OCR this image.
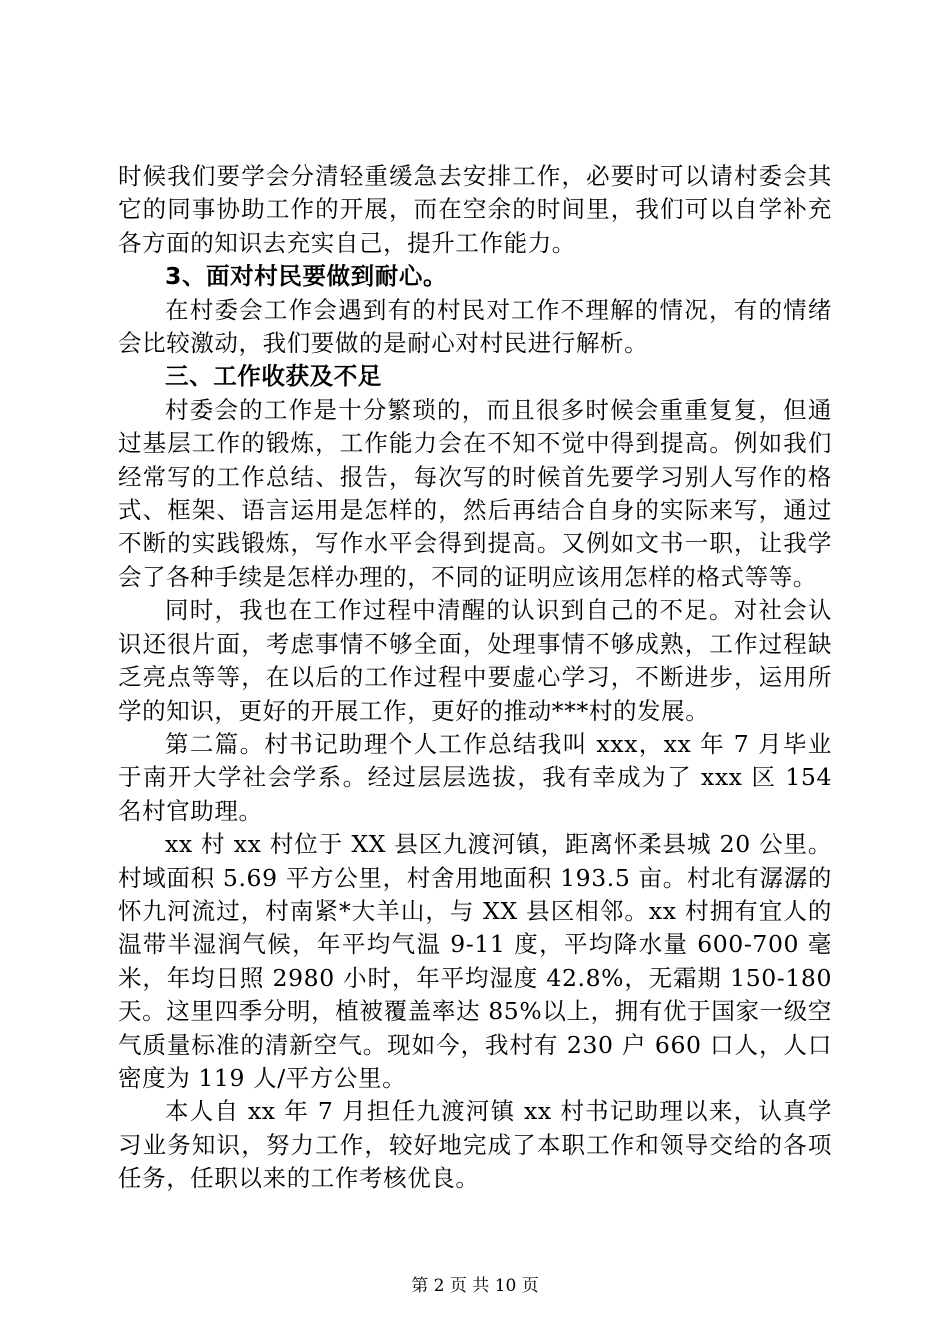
时候我们要学会分清轻重缓急去安排工作，必要时可以请村委会其它的同事协助工作的开展，而在空余的时间里，我们可以自学补充各方面的知识去充实自己，提升工作能力。

3、面对村民要做到耐心。

在村委会工作会遇到有的村民对工作不理解的情况，有的情绪会比较激动，我们要做的是耐心对村民进行解析。

三、工作收获及不足

村委会的工作是十分繁琐的，而且很多时候会重重复复，但通过基层工作的锻炼，工作能力会在不知不觉中得到提高。例如我们经常写的工作总结、报告，每次写的时候首先要学习别人写作的格式、框架、语言运用是怎样的，然后再结合自身的实际来写，通过不断的实践锻炼，写作水平会得到提高。又例如文书一职，让我学会了各种手续是怎样办理的，不同的证明应该用怎样的格式等等。

同时，我也在工作过程中清醒的认识到自己的不足。对社会认识还很片面，考虑事情不够全面，处理事情不够成熟，工作过程缺乏亮点等等，在以后的工作过程中要虚心学习，不断进步，运用所学的知识，更好的开展工作，更好的推动***村的发展。

第二篇。村书记助理个人工作总结我叫 xxx，xx 年 7 月毕业于南开大学社会学系。经过层层选拔，我有幸成为了 xxx 区 154 名村官助理。

xx 村 xx 村位于 XX 县区九渡河镇，距离怀柔县城 20 公里。村域面积 5.69 平方公里，村舍用地面积 193.5 亩。村北有潺潺的怀九河流过，村南紧*大羊山，与 XX 县区相邻。xx 村拥有宜人的温带半湿润气候，年平均气温 9-11 度，平均降水量 600-700 毫米，年均日照 2980 小时，年平均湿度 42.8%，无霜期 150-180 天。这里四季分明，植被覆盖率达 85%以上，拥有优于国家一级空气质量标准的清新空气。现如今，我村有 230 户 660 口人，人口密度为 119 人/平方公里。

本人自 xx 年 7 月担任九渡河镇 xx 村书记助理以来，认真学习业务知识，努力工作，较好地完成了本职工作和领导交给的各项任务，任职以来的工作考核优良。

第 2 页 共 10 页
